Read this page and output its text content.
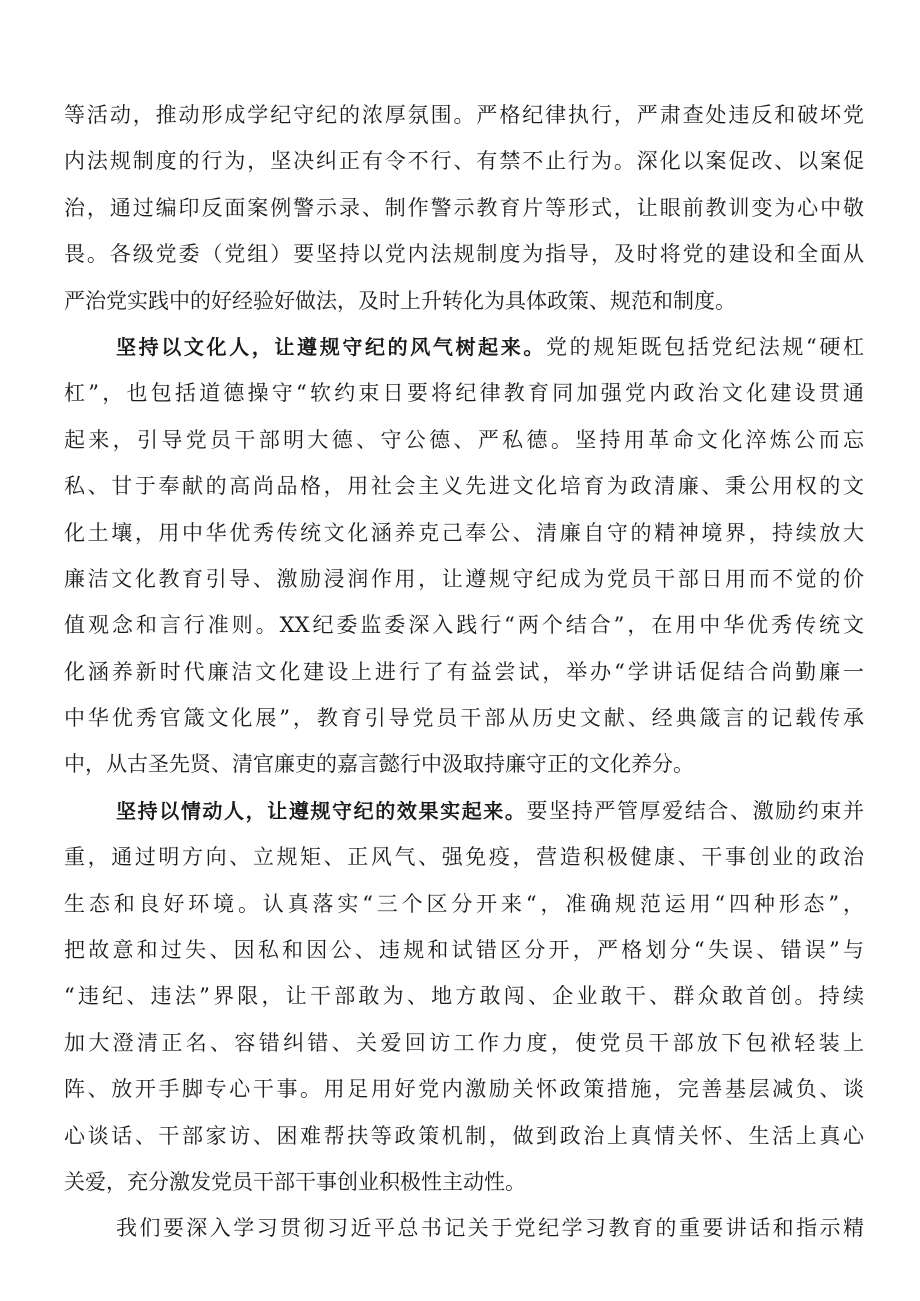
等活动，推动形成学纪守纪的浓厚氛围。严格纪律执行，严肃查处违反和破坏党
内法规制度的行为，坚决纠正有令不行、有禁不止行为。深化以案促改、以案促
治，通过编印反面案例警示录、制作警示教育片等形式，让眼前教训变为心中敬
畏。各级党委（党组）要坚持以党内法规制度为指导，及时将党的建设和全面从
严治党实践中的好经验好做法，及时上升转化为具体政策、规范和制度。
坚持以文化人，让遵规守纪的风气树起来。党的规矩既包括党纪法规“硬杠
杠”，也包括道德操守“软约束日要将纪律教育同加强党内政治文化建设贯通
起来，引导党员干部明大德、守公德、严私德。坚持用革命文化淬炼公而忘
私、甘于奉献的高尚品格，用社会主义先进文化培育为政清廉、秉公用权的文
化土壤，用中华优秀传统文化涵养克己奉公、清廉自守的精神境界，持续放大
廉洁文化教育引导、激励浸润作用，让遵规守纪成为党员干部日用而不觉的价
值观念和言行准则。XX纪委监委深入践行“两个结合”，在用中华优秀传统文
化涵养新时代廉洁文化建设上进行了有益尝试，举办“学讲话促结合尚勤廉一
中华优秀官箴文化展”，教育引导党员干部从历史文献、经典箴言的记载传承
中，从古圣先贤、清官廉吏的嘉言懿行中汲取持廉守正的文化养分。
坚持以情动人，让遵规守纪的效果实起来。要坚持严管厚爱结合、激励约束并
重，通过明方向、立规矩、正风气、强免疫，营造积极健康、干事创业的政治
生态和良好环境。认真落实“三个区分开来“，准确规范运用“四种形态”，
把故意和过失、因私和因公、违规和试错区分开，严格划分“失误、错误”与
“违纪、违法”界限，让干部敢为、地方敢闯、企业敢干、群众敢首创。持续
加大澄清正名、容错纠错、关爱回访工作力度，使党员干部放下包袱轻装上
阵、放开手脚专心干事。用足用好党内激励关怀政策措施，完善基层减负、谈
心谈话、干部家访、困难帮扶等政策机制，做到政治上真情关怀、生活上真心
关爱，充分激发党员干部干事创业积极性主动性。
我们要深入学习贯彻习近平总书记关于党纪学习教育的重要讲话和指示精
